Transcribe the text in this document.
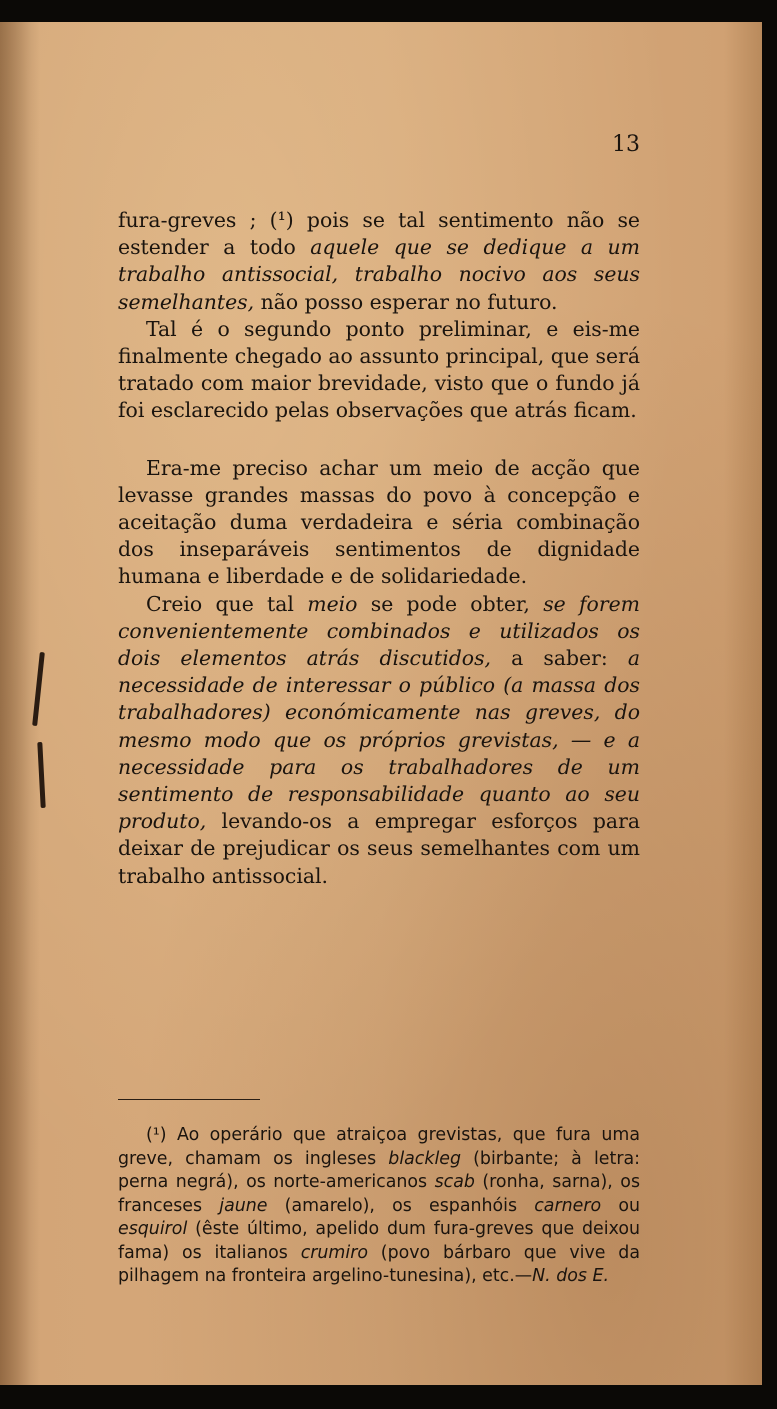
13

fura-greves ; (¹) pois se tal sentimento não se estender a todo aquele que se dedique a um trabalho antissocial, trabalho nocivo aos seus semelhantes, não posso esperar no futuro.

Tal é o segundo ponto preliminar, e eis-me finalmente chegado ao assunto principal, que será tratado com maior brevidade, visto que o fundo já foi esclarecido pelas observações que atrás ficam.

Era-me preciso achar um meio de acção que levasse grandes massas do povo à concepção e aceitação duma verdadeira e séria combinação dos inseparáveis sentimentos de dignidade humana e liberdade e de solidariedade.

Creio que tal meio se pode obter, se forem convenientemente combinados e utilizados os dois elementos atrás discutidos, a saber: a necessidade de interessar o público (a massa dos trabalhadores) económicamente nas greves, do mesmo modo que os próprios grevistas, — e a necessidade para os trabalhadores de um sentimento de responsabilidade quanto ao seu produto, levando-os a empregar esforços para deixar de prejudicar os seus semelhantes com um trabalho antissocial.

(¹) Ao operário que atraiçoa grevistas, que fura uma greve, chamam os ingleses blackleg (birbante; à letra: perna negrá), os norte-americanos scab (ronha, sarna), os franceses jaune (amarelo), os espanhóis carnero ou esquirol (êste último, apelido dum fura-greves que deixou fama) os italianos crumiro (povo bárbaro que vive da pilhagem na fronteira argelino-tunesina), etc.—N. dos E.
